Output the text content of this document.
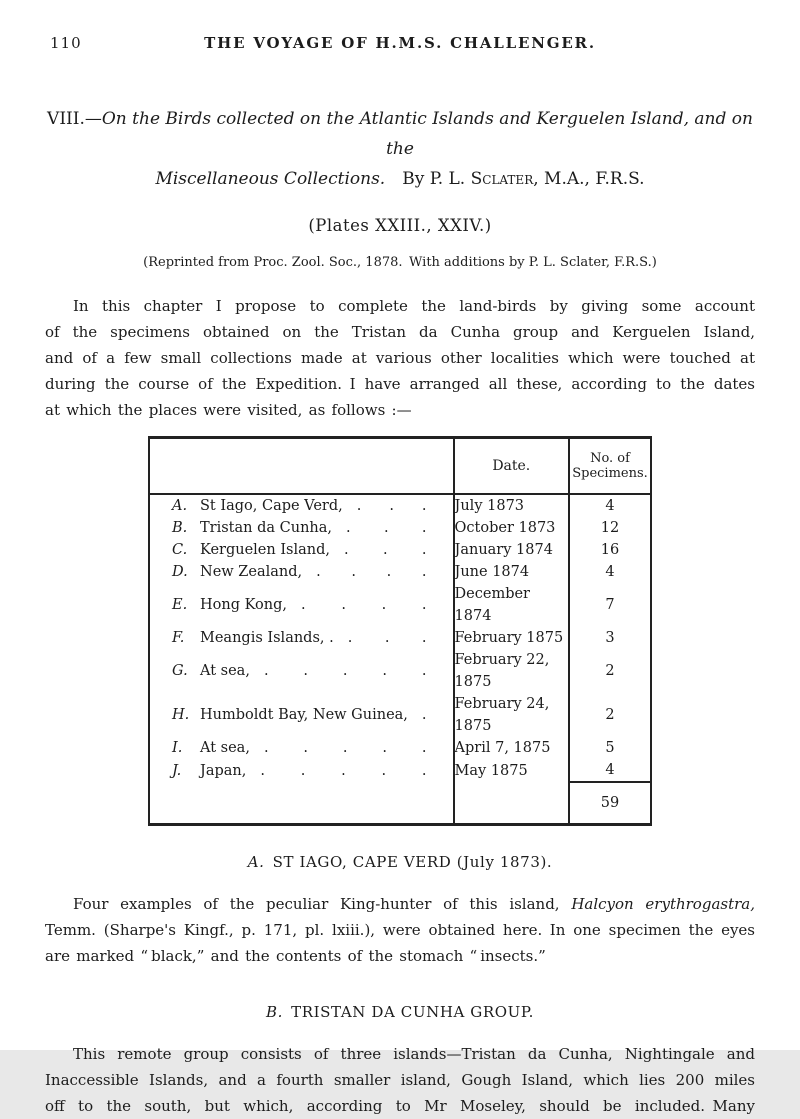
110	THE VOYAGE OF H.M.S. CHALLENGER.
VIII.—On the Birds collected on the Atlantic Islands and Kerguelen Island, and on the
Miscellaneous Collections. By P. L. Sclater, M.A., F.R.S.
(Plates XXIII., XXIV.)
(Reprinted from Proc. Zool. Soc., 1878. With additions by P. L. Sclater, F.R.S.)
In this chapter I propose to complete the land-birds by giving some account
of the specimens obtained on the Tristan da Cunha group and Kerguelen Island,
and of a few small collections made at various other localities which were touched at
during the course of the Expedition. I have arranged all these, according to the dates
at which the places were visited, as follows :—
	Date.	No. of
Specimens.

A. St Iago, Cape Verd, . . .	July 1873	4

B. Tristan da Cunha, . . .	October 1873	12

C. Kerguelen Island, . . .	January 1874	16

D. New Zealand, . . . .	June 1874	4

E. Hong Kong, . . . .	December 1874	7

F. Meangis Islands, . . . .	February 1875	3

G. At sea, . . . . .	February 22, 1875	2

H. Humboldt Bay, New Guinea, .	February 24, 1875	2

I. At sea, . . . . .	April 7, 1875	5

J. Japan, . . . . .	May 1875	4
		59
A. ST IAGO, CAPE VERD (July 1873).
Four examples of the peculiar King-hunter of this island, Halcyon erythrogastra,
Temm. (Sharpe's Kingf., p. 171, pl. lxiii.), were obtained here. In one specimen the eyes
are marked “ black,” and the contents of the stomach “ insects.”
B. TRISTAN DA CUNHA GROUP.
This remote group consists of three islands—Tristan da Cunha, Nightingale and
Inaccessible Islands, and a fourth smaller island, Gough Island, which lies 200 miles
off to the south, but which, according to Mr Moseley, should be included. Many
